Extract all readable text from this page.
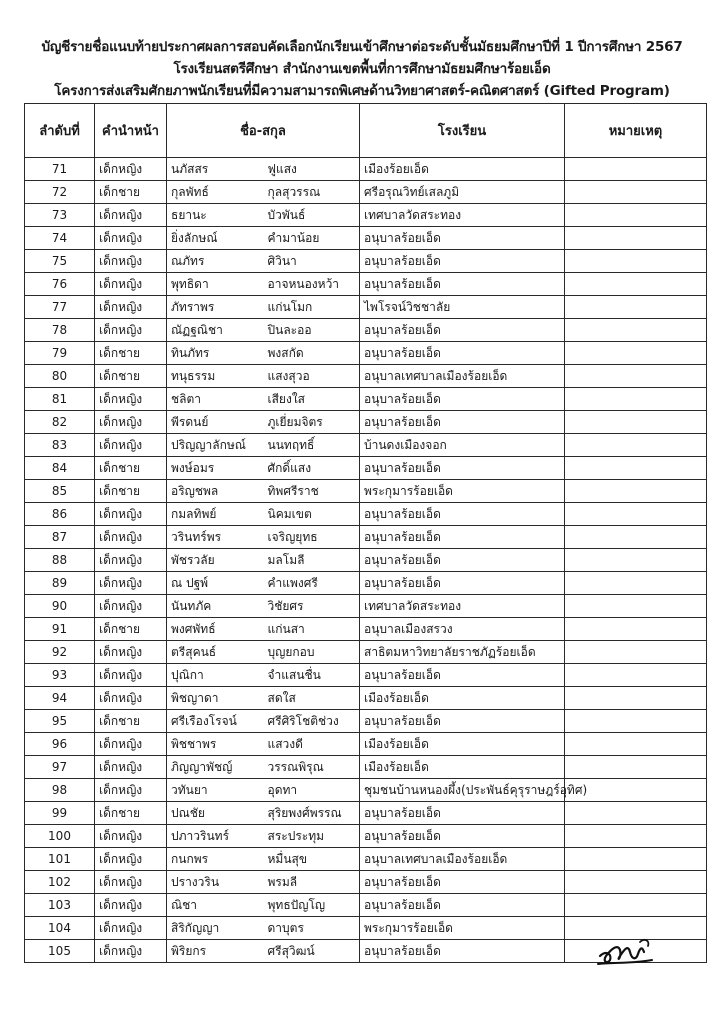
บัญชีรายชื่อแนบท้ายประกาศผลการสอบคัดเลือกนักเรียนเข้าศึกษาต่อระดับชั้นมัธยมศึกษาปีที่ 1 ปีการศึกษา 2567
โรงเรียนสตรีศึกษา สำนักงานเขตพื้นที่การศึกษามัธยมศึกษาร้อยเอ็ด
โครงการส่งเสริมศักยภาพนักเรียนที่มีความสามารถพิเศษด้านวิทยาศาสตร์-คณิตศาสตร์ (Gifted Program)
ลำดับที่	คำนำหน้า	ชื่อ-สกุล		โรงเรียน	หมายเหตุ
71	เด็กหญิง	นภัสสร	ฟูแสง	เมืองร้อยเอ็ด	
72	เด็กชาย	กุลพัทธ์	กุลสุวรรณ	ศรีอรุณวิทย์เสลภูมิ	
73	เด็กหญิง	ธยานะ	บัวพันธ์	เทศบาลวัดสระทอง	
74	เด็กหญิง	ยิ่งลักษณ์	คำมาน้อย	อนุบาลร้อยเอ็ด	
75	เด็กหญิง	ณภัทร	ศิวินา	อนุบาลร้อยเอ็ด	
76	เด็กหญิง	พุทธิดา	อาจหนองหว้า	อนุบาลร้อยเอ็ด	
77	เด็กหญิง	ภัทราพร	แก่นโมก	ไพโรจน์วิชชาลัย	
78	เด็กหญิง	ณัฏฐณิชา	ปินละออ	อนุบาลร้อยเอ็ด	
79	เด็กชาย	ทินภัทร	พงสกัด	อนุบาลร้อยเอ็ด	
80	เด็กชาย	ทนุธรรม	แสงสุวอ	อนุบาลเทศบาลเมืองร้อยเอ็ด	
81	เด็กหญิง	ชลิตา	เสียงใส	อนุบาลร้อยเอ็ด	
82	เด็กหญิง	พีรดนย์	ภูเยี่ยมจิตร	อนุบาลร้อยเอ็ด	
83	เด็กหญิง	ปริญญาลักษณ์	นนทฤทธิ์	บ้านดงเมืองจอก	
84	เด็กชาย	พงษ์อมร	ศักดิ์แสง	อนุบาลร้อยเอ็ด	
85	เด็กชาย	อริญชพล	ทิพศรีราช	พระกุมารร้อยเอ็ด	
86	เด็กหญิง	กมลทิพย์	นิคมเขต	อนุบาลร้อยเอ็ด	
87	เด็กหญิง	วรินทร์พร	เจริญยุทธ	อนุบาลร้อยเอ็ด	
88	เด็กหญิง	พัชรวลัย	มลโมลี	อนุบาลร้อยเอ็ด	
89	เด็กหญิง	ณ ปฐพ์	คำแพงศรี	อนุบาลร้อยเอ็ด	
90	เด็กหญิง	นันทภัค	วิชัยศร	เทศบาลวัดสระทอง	
91	เด็กชาย	พงศพัทธ์	แก่นสา	อนุบาลเมืองสรวง	
92	เด็กหญิง	ตรีสุคนธ์	บุญยกอบ	สาธิตมหาวิทยาลัยราชภัฏร้อยเอ็ด	
93	เด็กหญิง	ปุณิกา	จำแสนชื่น	อนุบาลร้อยเอ็ด	
94	เด็กหญิง	พิชญาดา	สดใส	เมืองร้อยเอ็ด	
95	เด็กชาย	ศรีเรืองโรจน์	ศรีศิริโชติช่วง	อนุบาลร้อยเอ็ด	
96	เด็กหญิง	พิชชาพร	แสวงดี	เมืองร้อยเอ็ด	
97	เด็กหญิง	ภิญญาพัชญ์	วรรณพิรุณ	เมืองร้อยเอ็ด	
98	เด็กหญิง	วทันยา	อุดทา	ชุมชนบ้านหนองผึ้ง(ประพันธ์คุรุราษฎร์อุทิศ)	
99	เด็กชาย	ปณชัย	สุริยพงศ์พรรณ	อนุบาลร้อยเอ็ด	
100	เด็กหญิง	ปภาวรินทร์	สระประทุม	อนุบาลร้อยเอ็ด	
101	เด็กหญิง	กนกพร	หมื่นสุข	อนุบาลเทศบาลเมืองร้อยเอ็ด	
102	เด็กหญิง	ปรางวริน	พรมลี	อนุบาลร้อยเอ็ด	
103	เด็กหญิง	ณิชา	พุทธปัญโญ	อนุบาลร้อยเอ็ด	
104	เด็กหญิง	สิริกัญญา	ดาบุตร	พระกุมารร้อยเอ็ด	
105	เด็กหญิง	พิริยกร	ศรีสุวิฒน์	อนุบาลร้อยเอ็ด	
